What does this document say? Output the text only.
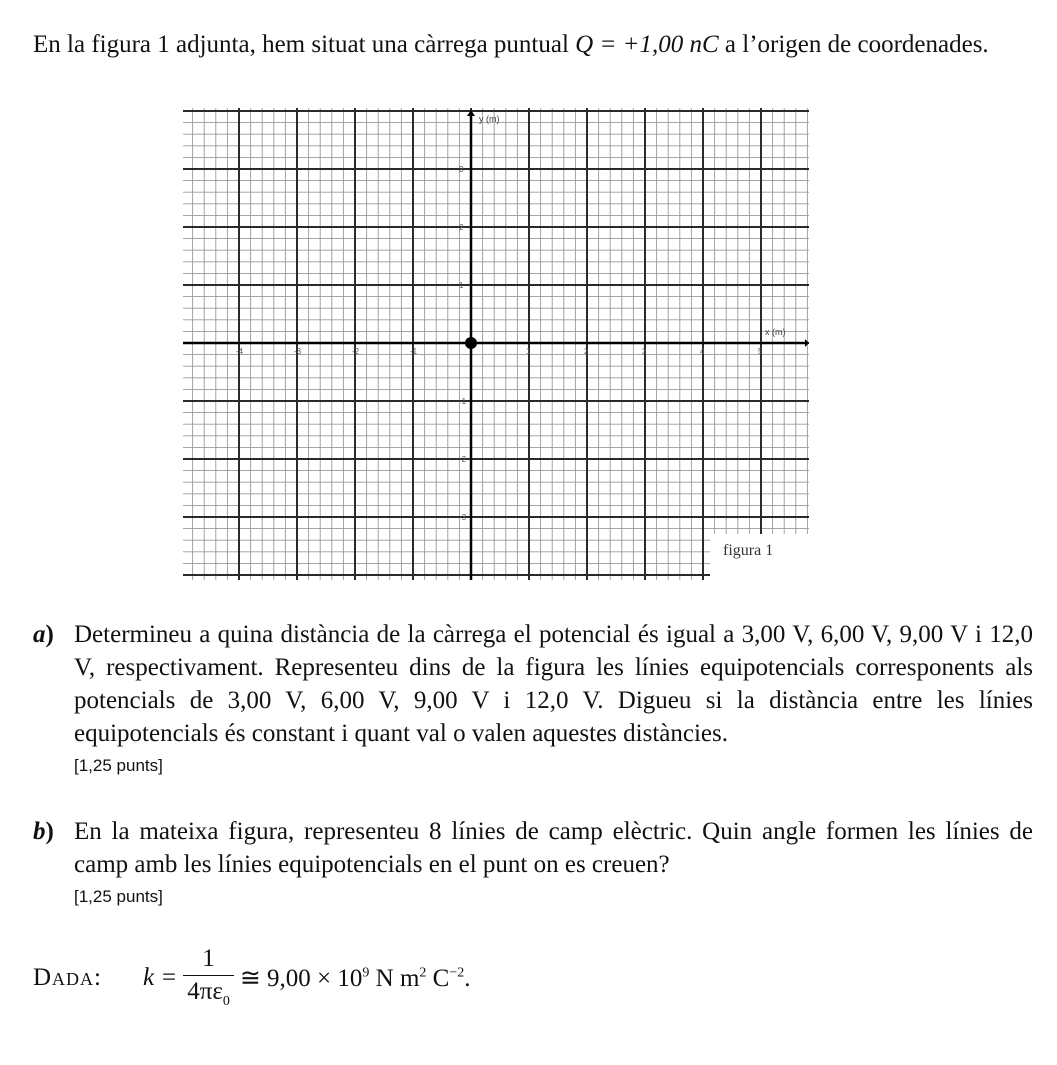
En la figura 1 adjunta, hem situat una càrrega puntual Q = +1,00 nC a l’origen de coordenades.
y (m)
x (m)
-4	-3	-2	-1	1	2	3	4	5
3
2
1
-1
-2
-3
figura 1
a) Determineu a quina distància de la càrrega el potencial és igual a 3,00 V, 6,00 V, 9,00 V i 12,0 V, respectivament. Representeu dins de la figura les línies equipotencials corresponents als potencials de 3,00 V, 6,00 V, 9,00 V i 12,0 V. Digueu si la distància entre les línies equipotencials és constant i quant val o valen aquestes distàncies.
[1,25 punts]
b) En la mateixa figura, representeu 8 línies de camp elèctric. Quin angle formen les línies de camp amb les línies equipotencials en el punt on es creuen?
[1,25 punts]
Dada:	$k = \frac{1}{4\pi\varepsilon_0}$ ≅ $9,00 \times 10^9$ N $m^2$ $C^{-2}$.
